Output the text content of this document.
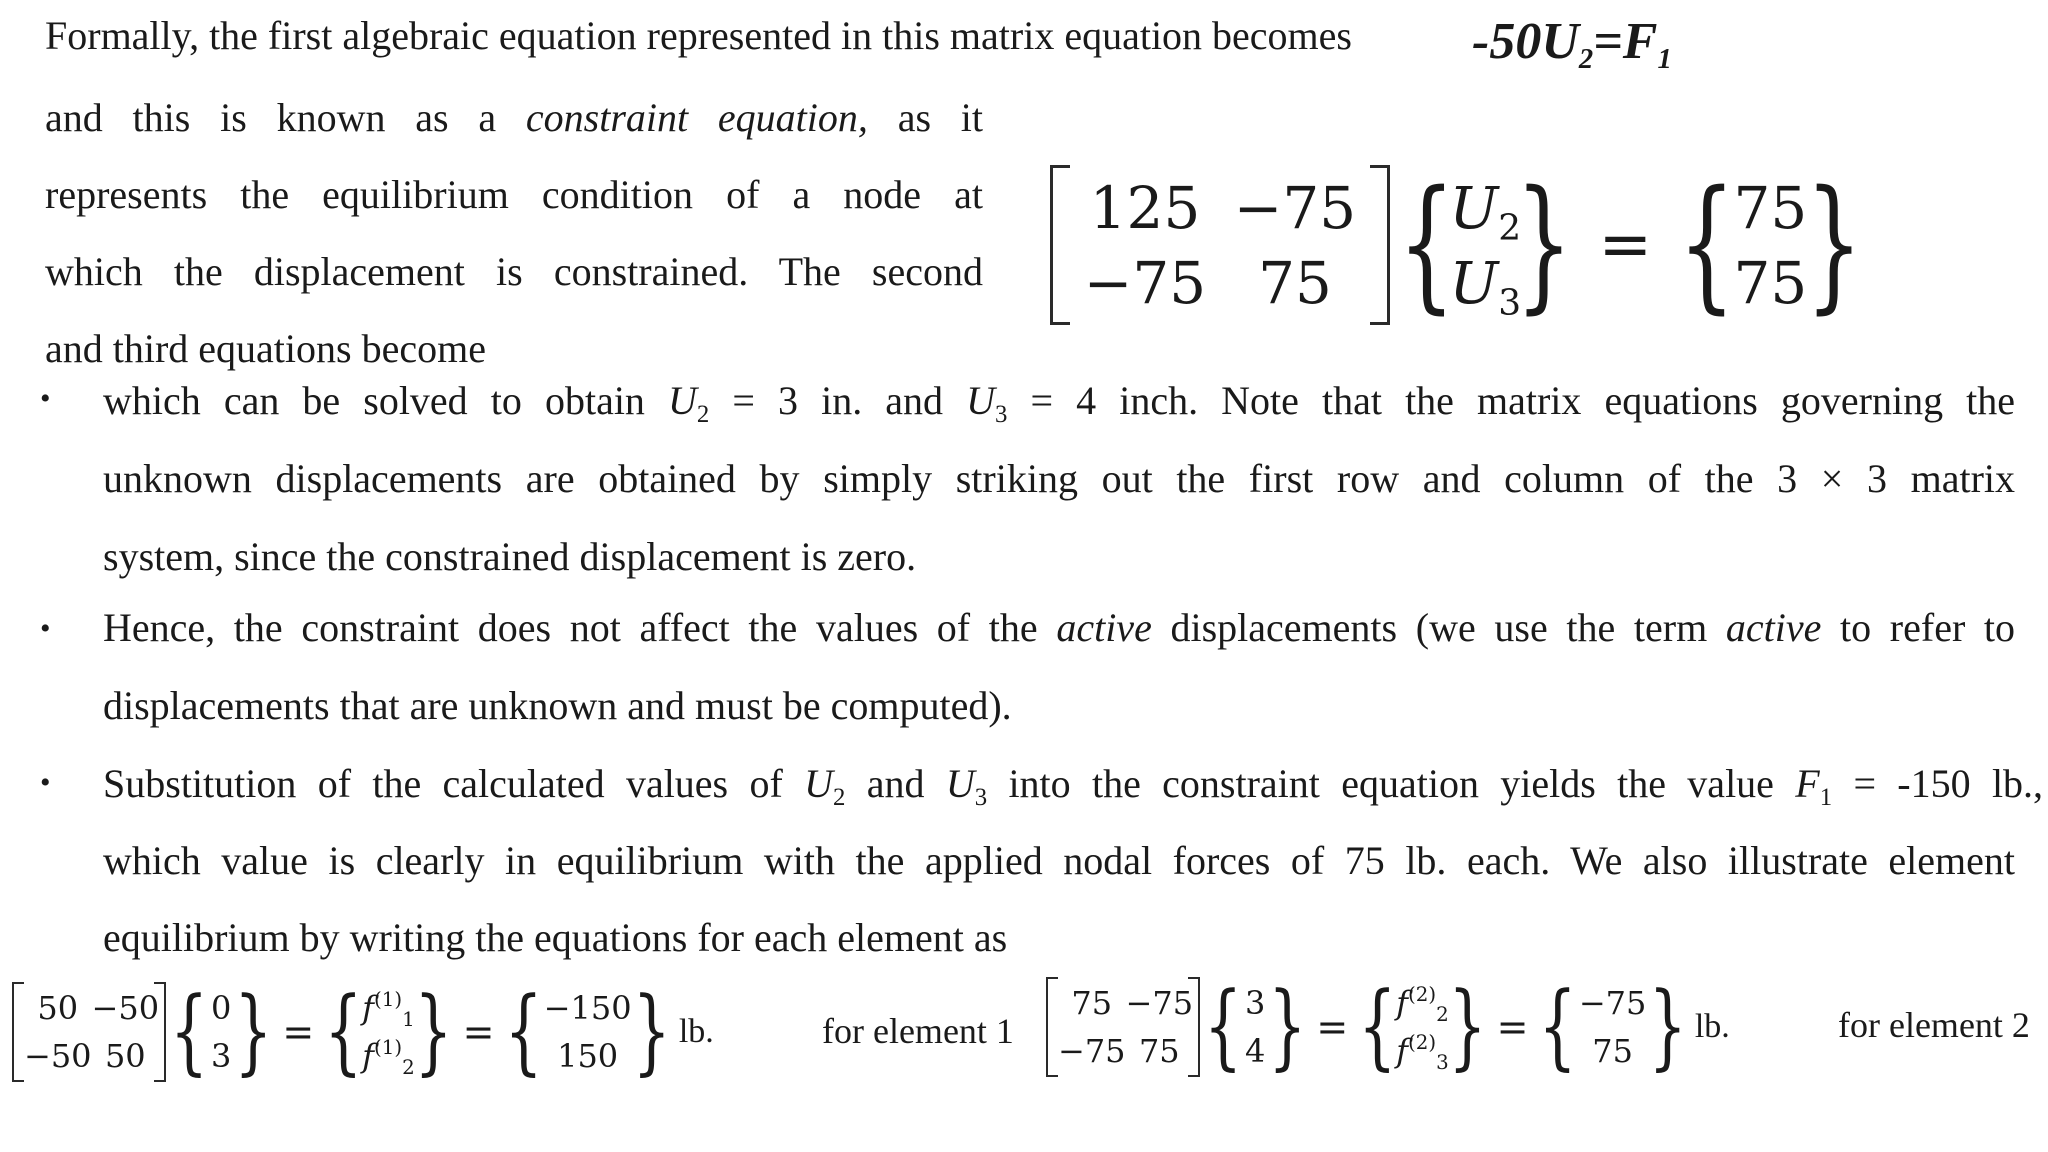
Formally, the first algebraic equation represented in this matrix equation becomes $-50U_2=F_1$
and this is known as a constraint equation, as it
represents the equilibrium condition of a node at
which the displacement is constrained. The second
and third equations become
125 −75
−75 75 {
$U_2$
$U_3$
} = {
75
75
}
• which can be solved to obtain $U_2 = 3$ in. and $U_3 = 4$ inch. Note that the matrix equations governing the
unknown displacements are obtained by simply striking out the first row and column of the 3 × 3 matrix
system, since the constrained displacement is zero.
• Hence, the constraint does not affect the values of the active displacements (we use the term active to refer to
displacements that are unknown and must be computed).
• Substitution of the calculated values of $U_2$ and $U_3$ into the constraint equation yields the value $F_1 = -150$ lb.,
which value is clearly in equilibrium with the applied nodal forces of 75 lb. each. We also illustrate element
equilibrium by writing the equations for each element as
50 −50
−50 50 { 0
3 } = { $f^{(1)}_1$
$f^{(1)}_2$ } = { −150
150 } lb.	for element 1
75 −75
−75 75 { 3
4 } = { $f^{(2)}_2$
$f^{(2)}_3$ } = { −75
75 } lb.	for element 2
